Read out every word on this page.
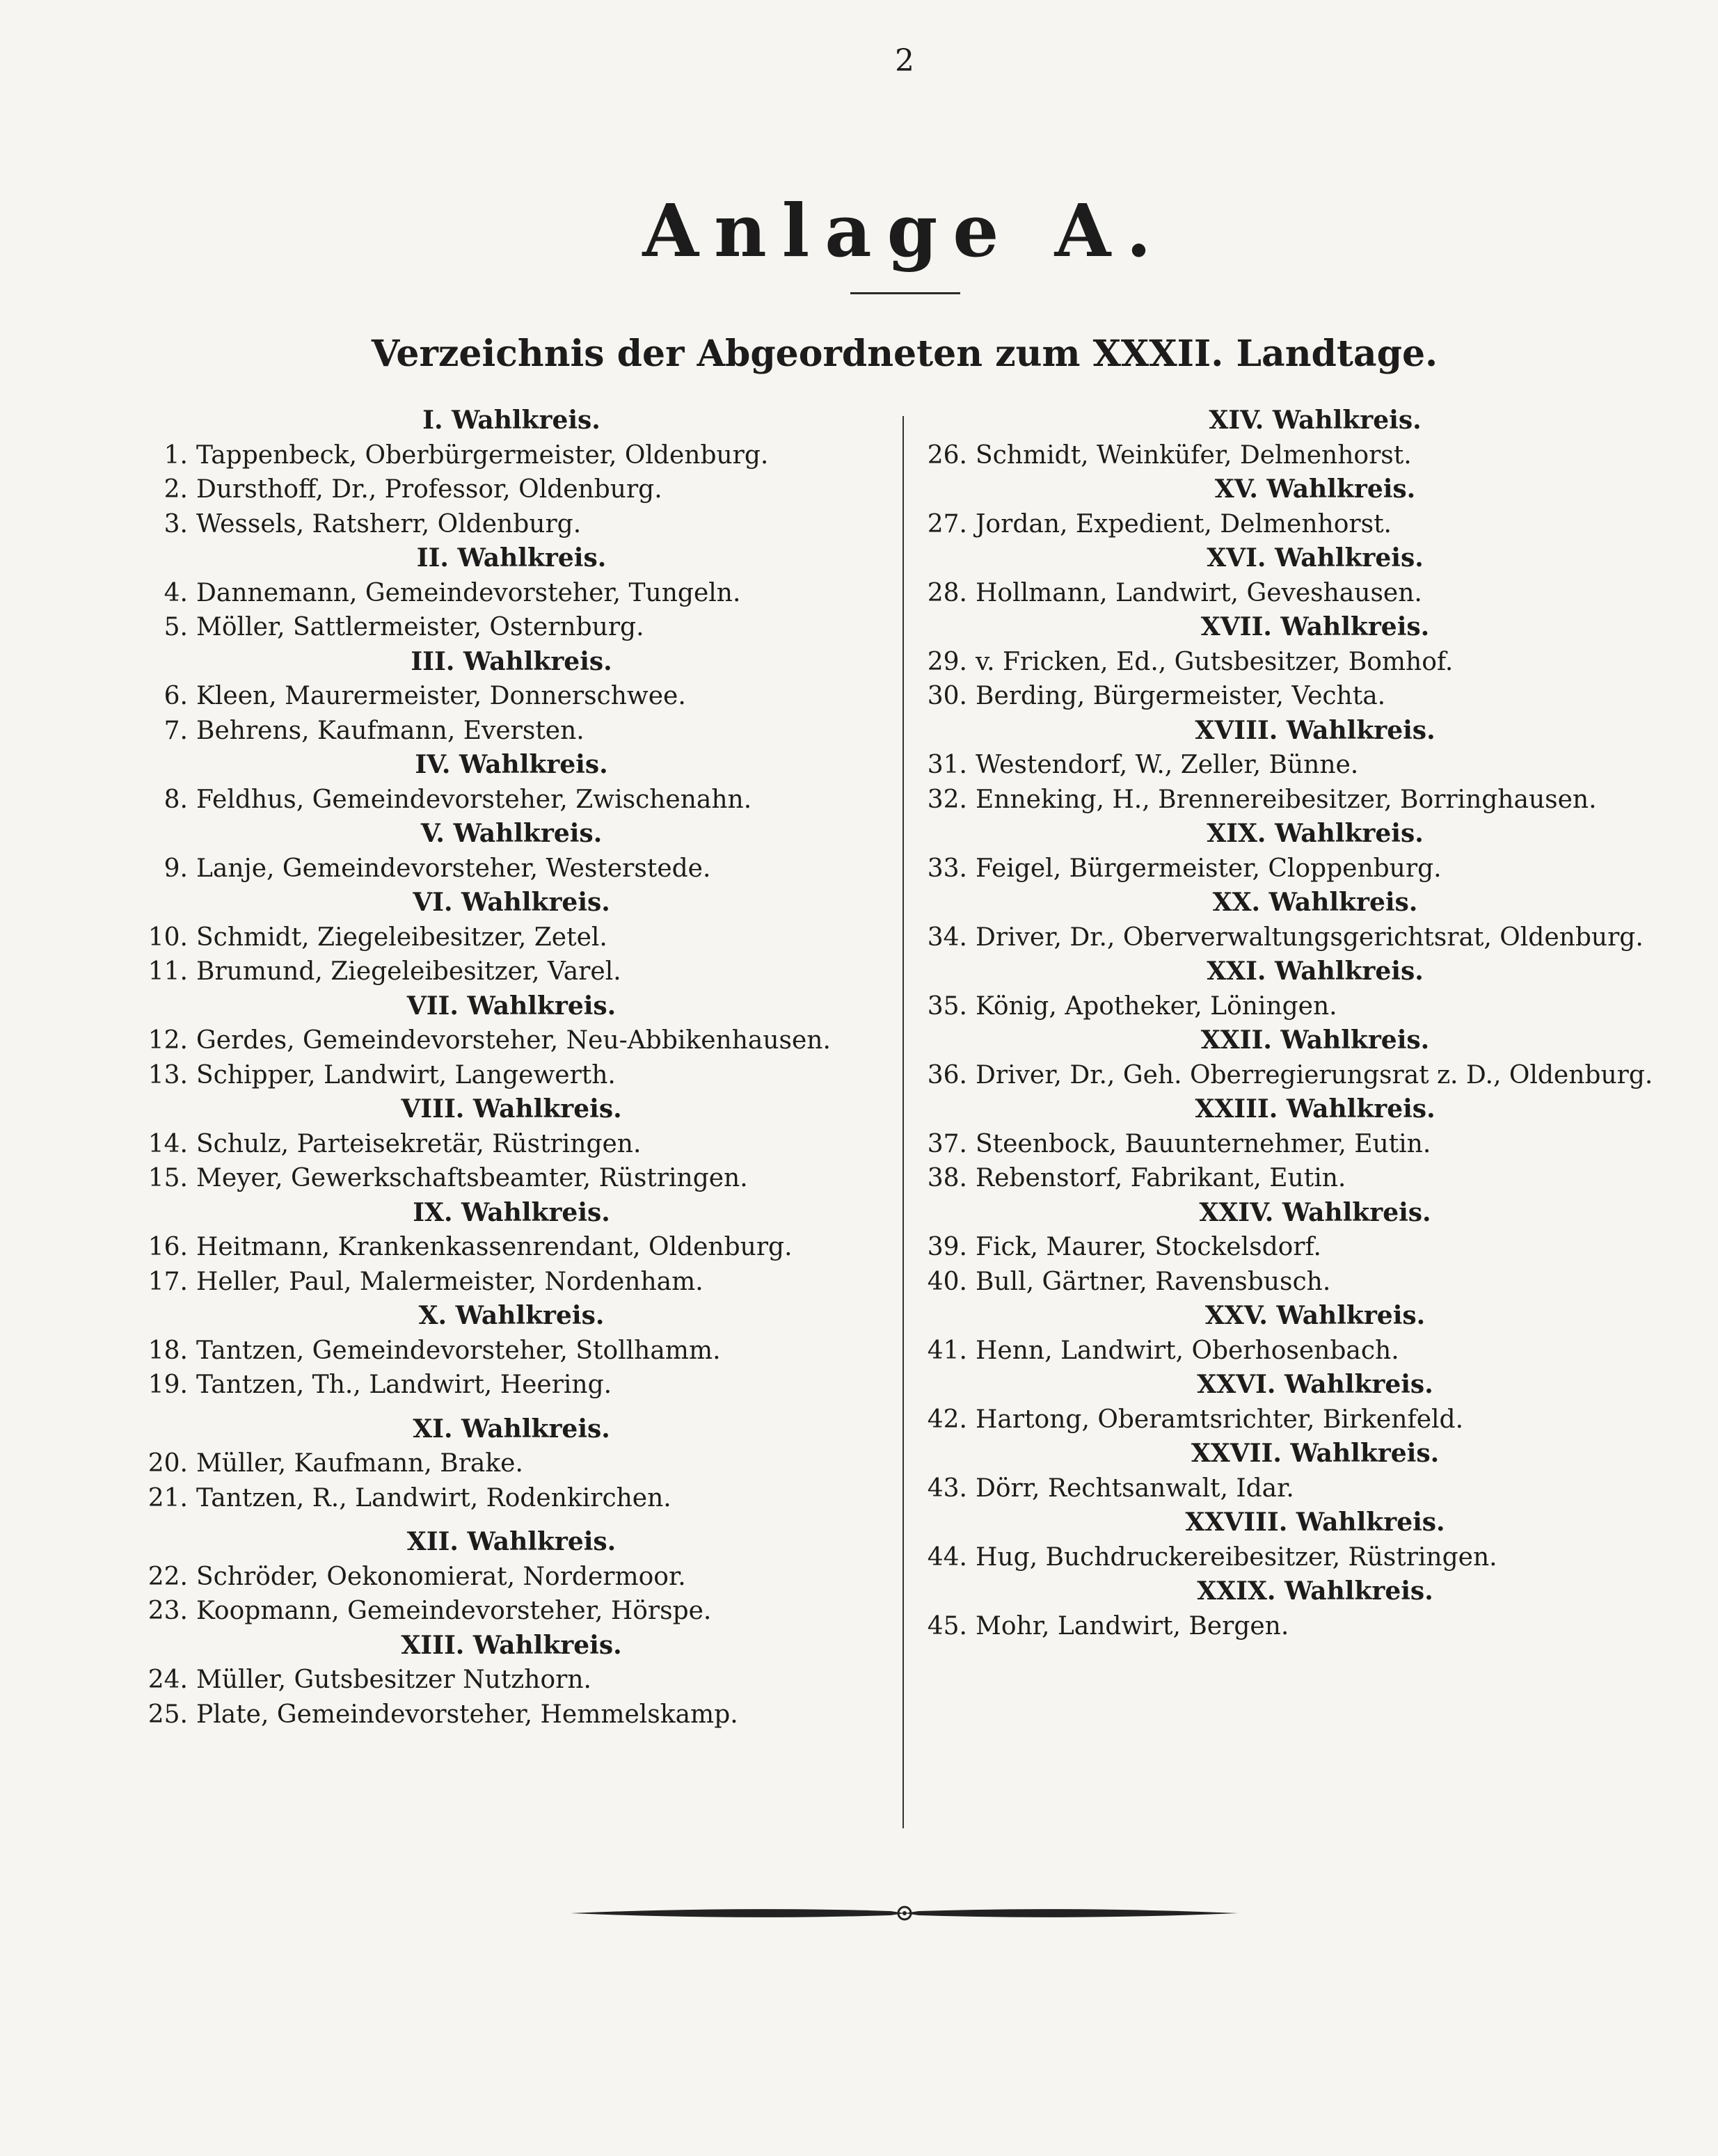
2
Anlage A.
Verzeichnis der Abgeordneten zum XXXII. Landtage.
I. Wahlkreis.
1. Tappenbeck, Oberbürgermeister, Oldenburg.
2. Dursthoff, Dr., Professor, Oldenburg.
3. Wessels, Ratsherr, Oldenburg.
II. Wahlkreis.
4. Dannemann, Gemeindevorsteher, Tungeln.
5. Möller, Sattlermeister, Osternburg.
III. Wahlkreis.
6. Kleen, Maurermeister, Donnerschwee.
7. Behrens, Kaufmann, Eversten.
IV. Wahlkreis.
8. Feldhus, Gemeindevorsteher, Zwischenahn.
V. Wahlkreis.
9. Lanje, Gemeindevorsteher, Westerstede.
VI. Wahlkreis.
10. Schmidt, Ziegeleibesitzer, Zetel.
11. Brumund, Ziegeleibesitzer, Varel.
VII. Wahlkreis.
12. Gerdes, Gemeindevorsteher, Neu-Abbikenhausen.
13. Schipper, Landwirt, Langewerth.
VIII. Wahlkreis.
14. Schulz, Parteisekretär, Rüstringen.
15. Meyer, Gewerkschaftsbeamter, Rüstringen.
IX. Wahlkreis.
16. Heitmann, Krankenkassenrendant, Oldenburg.
17. Heller, Paul, Malermeister, Nordenham.
X. Wahlkreis.
18. Tantzen, Gemeindevorsteher, Stollhamm.
19. Tantzen, Th., Landwirt, Heering.
XI. Wahlkreis.
20. Müller, Kaufmann, Brake.
21. Tantzen, R., Landwirt, Rodenkirchen.
XII. Wahlkreis.
22. Schröder, Oekonomierat, Nordermoor.
23. Koopmann, Gemeindevorsteher, Hörspe.
XIII. Wahlkreis.
24. Müller, Gutsbesitzer Nutzhorn.
25. Plate, Gemeindevorsteher, Hemmelskamp.
XIV. Wahlkreis.
26. Schmidt, Weinküfer, Delmenhorst.
XV. Wahlkreis.
27. Jordan, Expedient, Delmenhorst.
XVI. Wahlkreis.
28. Hollmann, Landwirt, Geveshausen.
XVII. Wahlkreis.
29. v. Fricken, Ed., Gutsbesitzer, Bomhof.
30. Berding, Bürgermeister, Vechta.
XVIII. Wahlkreis.
31. Westendorf, W., Zeller, Bünne.
32. Enneking, H., Brennereibesitzer, Borringhausen.
XIX. Wahlkreis.
33. Feigel, Bürgermeister, Cloppenburg.
XX. Wahlkreis.
34. Driver, Dr., Oberverwaltungsgerichtsrat, Oldenburg.
XXI. Wahlkreis.
35. König, Apotheker, Löningen.
XXII. Wahlkreis.
36. Driver, Dr., Geh. Oberregierungsrat z. D., Oldenburg.
XXIII. Wahlkreis.
37. Steenbock, Bauunternehmer, Eutin.
38. Rebenstorf, Fabrikant, Eutin.
XXIV. Wahlkreis.
39. Fick, Maurer, Stockelsdorf.
40. Bull, Gärtner, Ravensbusch.
XXV. Wahlkreis.
41. Henn, Landwirt, Oberhosenbach.
XXVI. Wahlkreis.
42. Hartong, Oberamtsrichter, Birkenfeld.
XXVII. Wahlkreis.
43. Dörr, Rechtsanwalt, Idar.
XXVIII. Wahlkreis.
44. Hug, Buchdruckereibesitzer, Rüstringen.
XXIX. Wahlkreis.
45. Mohr, Landwirt, Bergen.
